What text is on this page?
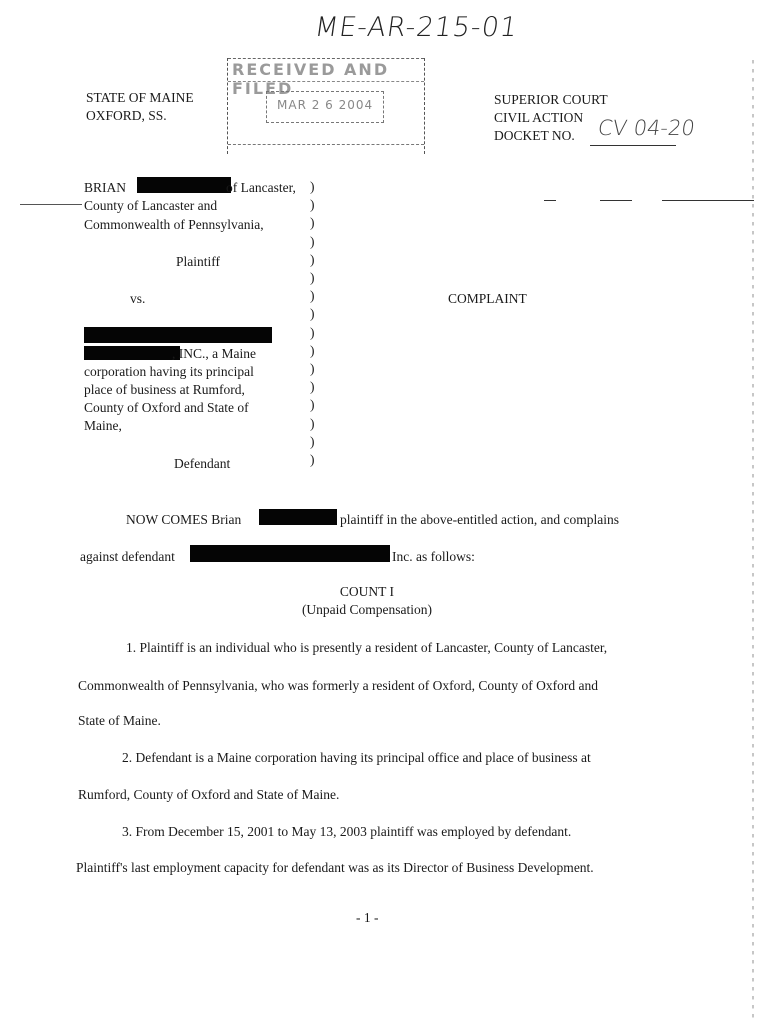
ME-AR-215-01
RECEIVED AND FILED
MAR 2 6 2004
STATE OF MAINE
OXFORD, SS.
SUPERIOR COURT
CIVIL ACTION
DOCKET NO. CV 04-20
BRIAN	of Lancaster,
County of Lancaster and
Commonwealth of Pennsylvania,
Plaintiff
vs.
, INC., a Maine
corporation having its principal
place of business at Rumford,
County of Oxford and State of
Maine,
Defendant
)
)
)
)
)
)
)
)
)
)
)
)
)
)
)
)
COMPLAINT
NOW COMES Brian	plaintiff in the above-entitled action, and complains
against defendant	Inc. as follows:
COUNT I
(Unpaid Compensation)
1. Plaintiff is an individual who is presently a resident of Lancaster, County of Lancaster,
Commonwealth of Pennsylvania, who was formerly a resident of Oxford, County of Oxford and
State of Maine.
2. Defendant is a Maine corporation having its principal office and place of business at
Rumford, County of Oxford and State of Maine.
3. From December 15, 2001 to May 13, 2003 plaintiff was employed by defendant.
Plaintiff's last employment capacity for defendant was as its Director of Business Development.
- 1 -
